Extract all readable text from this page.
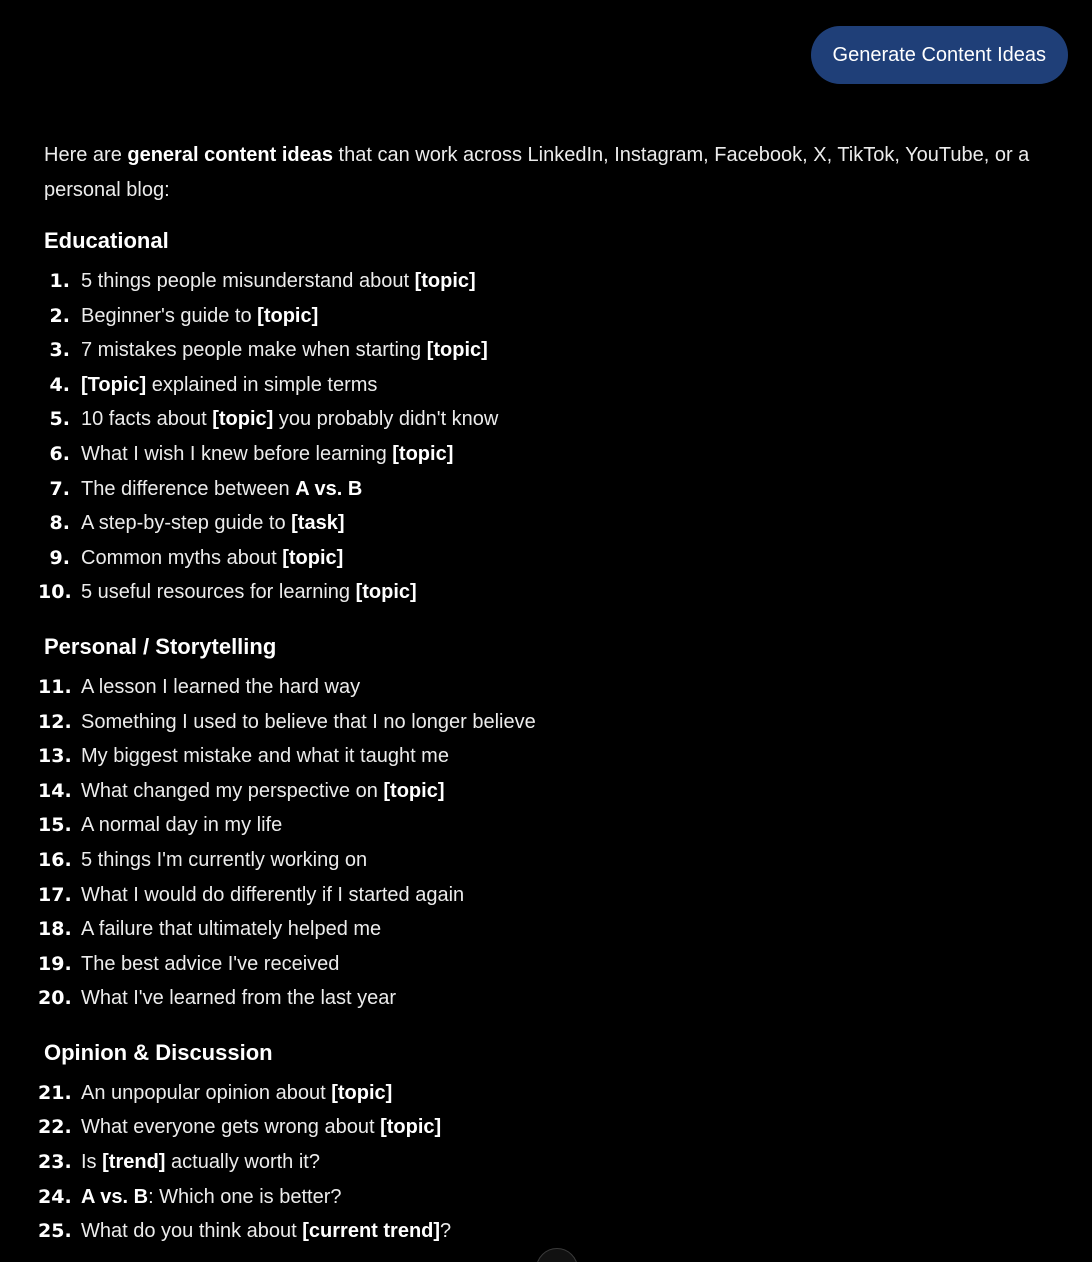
Generate Content Ideas

Here are general content ideas that can work across LinkedIn, Instagram, Facebook, X, TikTok, YouTube, or a personal blog:

Educational
1. 5 things people misunderstand about [topic]
2. Beginner's guide to [topic]
3. 7 mistakes people make when starting [topic]
4. [Topic] explained in simple terms
5. 10 facts about [topic] you probably didn't know
6. What I wish I knew before learning [topic]
7. The difference between A vs. B
8. A step-by-step guide to [task]
9. Common myths about [topic]
10. 5 useful resources for learning [topic]
Personal / Storytelling
11. A lesson I learned the hard way
12. Something I used to believe that I no longer believe
13. My biggest mistake and what it taught me
14. What changed my perspective on [topic]
15. A normal day in my life
16. 5 things I'm currently working on
17. What I would do differently if I started again
18. A failure that ultimately helped me
19. The best advice I've received
20. What I've learned from the last year
Opinion & Discussion
21. An unpopular opinion about [topic]
22. What everyone gets wrong about [topic]
23. Is [trend] actually worth it?
24. A vs. B: Which one is better?
25. What do you think about [current trend]?
